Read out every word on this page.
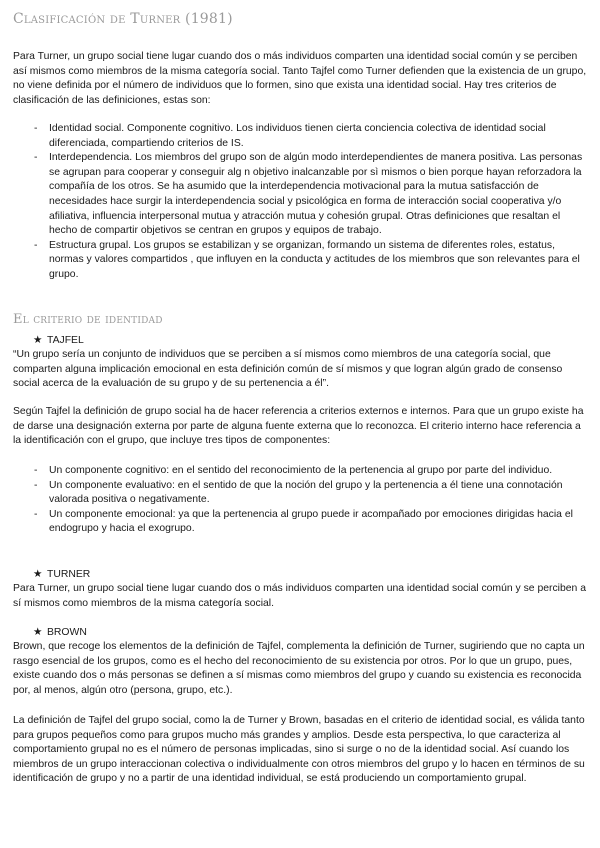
Clasificación de Turner (1981)

Para Turner, un grupo social tiene lugar cuando dos o más individuos comparten una identidad social común y se perciben así mismos como miembros de la misma categoría social. Tanto Tajfel como Turner defienden que la existencia de un grupo, no viene definida por el número de individuos que lo formen, sino que exista una identidad social. Hay tres criterios de clasificación de las definiciones, estas son:

- Identidad social. Componente cognitivo. Los individuos tienen cierta conciencia colectiva de identidad social diferenciada, compartiendo criterios de IS.
- Interdependencia. Los miembros del grupo son de algún modo interdependientes de manera positiva. Las personas se agrupan para cooperar y conseguir alg n objetivo inalcanzable por sì mismos o bien porque hayan reforzadora la compañía de los otros. Se ha asumido que la interdependencia motivacional para la mutua satisfacción de necesidades hace surgir la interdependencia social y psicológica en forma de interacción social cooperativa y/o afiliativa, influencia interpersonal mutua y atracción mutua y cohesión grupal. Otras definiciones que resaltan el hecho de compartir objetivos se centran en grupos y equipos de trabajo.
- Estructura grupal. Los grupos se estabilizan y se organizan, formando un sistema de diferentes roles, estatus, normas y valores compartidos , que influyen en la conducta y actitudes de los miembros que son relevantes para el grupo.
El criterio de identidad

★ TAJFEL

“Un grupo sería un conjunto de individuos que se perciben a sí mismos como miembros de una categoría social, que comparten alguna implicación emocional en esta definición común de sí mismos y que logran algún grado de consenso social acerca de la evaluación de su grupo y de su pertenencia a él”.

Según Tajfel la definición de grupo social ha de hacer referencia a criterios externos e internos. Para que un grupo existe ha de darse una designación externa por parte de alguna fuente externa que lo reconozca. El criterio interno hace referencia a la identificación con el grupo, que incluye tres tipos de componentes:

- Un componente cognitivo: en el sentido del reconocimiento de la pertenencia al grupo por parte del individuo.
- Un componente evaluativo: en el sentido de que la noción del grupo y la pertenencia a él tiene una connotación valorada positiva o negativamente.
- Un componente emocional: ya que la pertenencia al grupo puede ir acompañado por emociones dirigidas hacia el endogrupo y hacia el exogrupo.

★ TURNER

Para Turner, un grupo social tiene lugar cuando dos o más individuos comparten una identidad social común y se perciben a sí mismos como miembros de la misma categoría social.

★ BROWN

Brown, que recoge los elementos de la definición de Tajfel, complementa la definición de Turner, sugiriendo que no capta un rasgo esencial de los grupos, como es el hecho del reconocimiento de su existencia por otros. Por lo que un grupo, pues, existe cuando dos o más personas se definen a sí mismas como miembros del grupo y cuando su existencia es reconocida por, al menos, algún otro (persona, grupo, etc.).

La definición de Tajfel del grupo social, como la de Turner y Brown, basadas en el criterio de identidad social, es válida tanto para grupos pequeños como para grupos mucho más grandes y amplios. Desde esta perspectiva, lo que caracteriza al comportamiento grupal no es el número de personas implicadas, sino si surge o no de la identidad social. Así cuando los miembros de un grupo interaccionan colectiva o individualmente con otros miembros del grupo y lo hacen en términos de su identificación de grupo y no a partir de una identidad individual, se está produciendo un comportamiento grupal.
